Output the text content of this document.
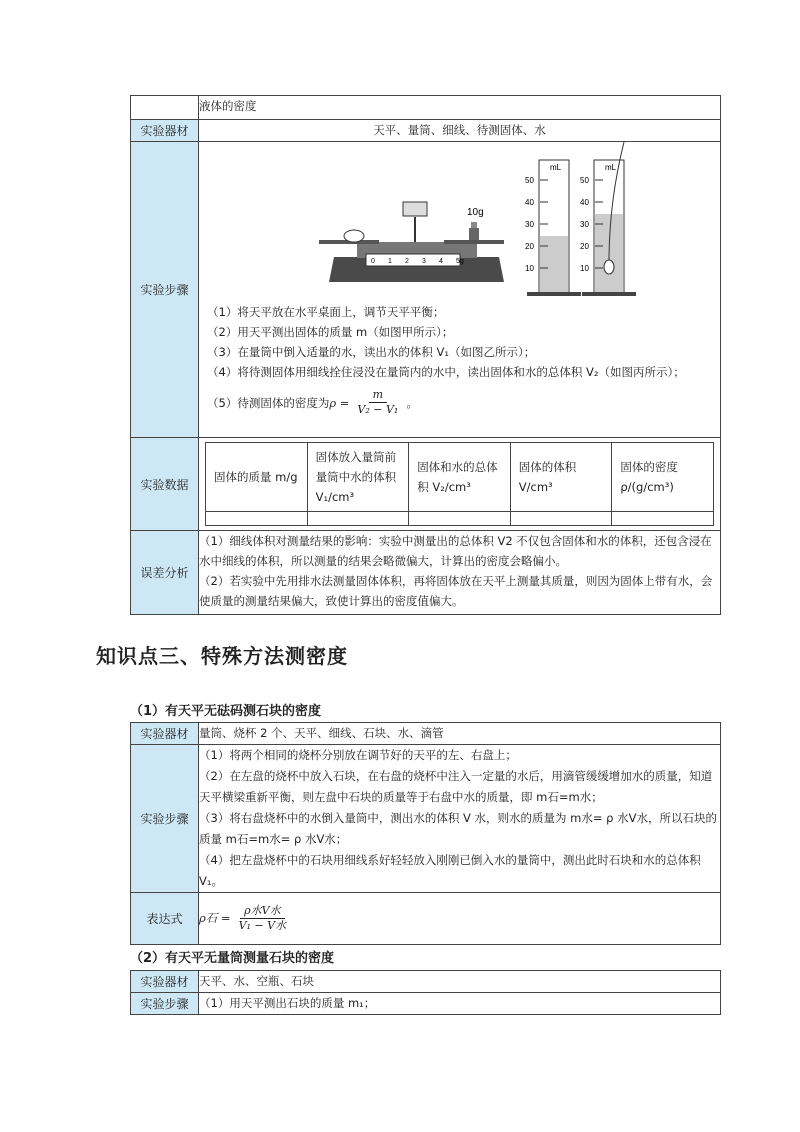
	液体的密度
实验器材	天平、量筒、细线、待测固体、水
实验步骤	
10g
0 1 2 3 4 5g
50
40
30
20
10
50
40
30
20
10
mL	mL
（1）将天平放在水平桌面上，调节天平平衡；
（2）用天平测出固体的质量 m（如图甲所示）；
（3）在量筒中倒入适量的水，读出水的体积 V₁（如图乙所示）；
（4）将待测固体用细线拴住浸没在量筒内的水中，读出固体和水的总体积 V₂（如图丙所示）；
（5）待测固体的密度为 $\rho = \frac{m}{\text{V₂ − V₁}}$ 。

实验数据	
固体的质量 m/g	固体放入量筒前量筒中水的体积 V₁/cm³	固体和水的总体积 V₂/cm³	固体的体积 V/cm³	固体的密度ρ/(g/cm³)

误差分析	
（1）细线体积对测量结果的影响：实验中测量出的总体积 V2 不仅包含固体和水的体积，还包含浸在水中细线的体积，所以测量的结果会略微偏大，计算出的密度会略偏小。
（2）若实验中先用排水法测量固体体积，再将固体放在天平上测量其质量，则因为固体上带有水，会使质量的测量结果偏大，致使计算出的密度值偏大。
知识点三、特殊方法测密度
（1）有天平无砝码测石块的密度
实验器材	量筒、烧杯 2 个、天平、细线、石块、水、滴管
实验步骤	（1）将两个相同的烧杯分别放在调节好的天平的左、右盘上；
（2）在左盘的烧杯中放入石块，在右盘的烧杯中注入一定量的水后，用滴管缓缓增加水的质量，知道天平横梁重新平衡，则左盘中石块的质量等于右盘中水的质量，即 m石=m水；
（3）将右盘烧杯中的水倒入量筒中，测出水的体积 V 水，则水的质量为 m水= ρ 水V水，所以石块的质量 m石=m水= ρ 水V水；
（4）把左盘烧杯中的石块用细线系好轻轻放入刚刚已倒入水的量筒中，测出此时石块和水的总体积 V₁。

表达式	ρ石 = $\frac{\text{ρ水V水}}{\text{V₁ − V水}}$
（2）有天平无量筒测量石块的密度
实验器材	天平、水、空瓶、石块
实验步骤	（1）用天平测出石块的质量 m₁；
